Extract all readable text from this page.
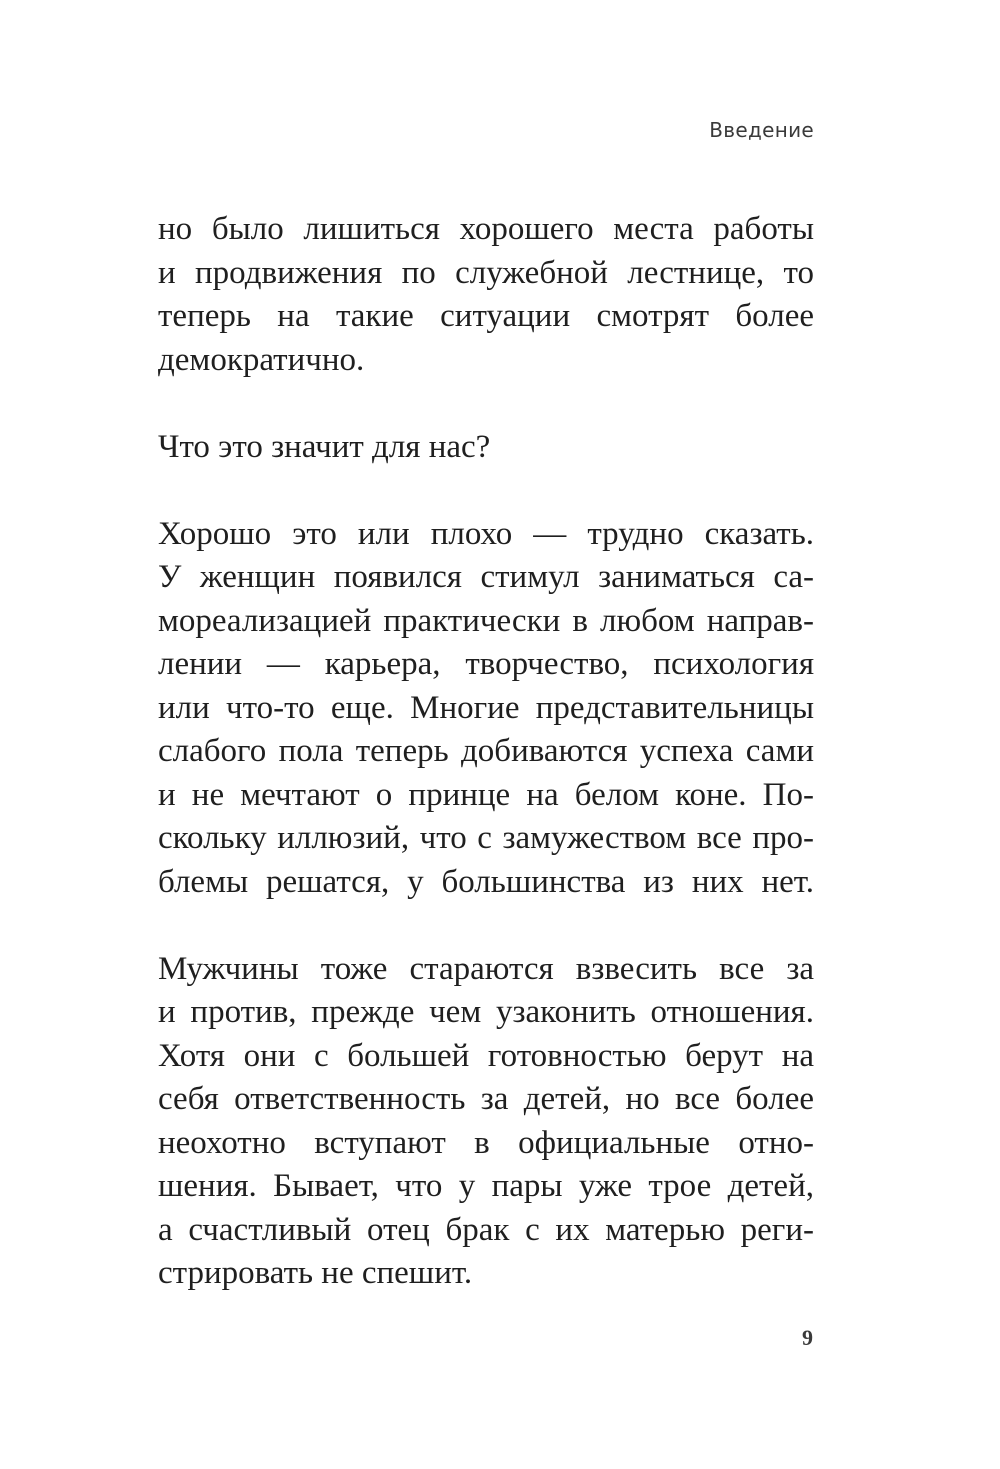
Введение
но было лишиться хорошего места работы
и продвижения по служебной лестнице, то
теперь на такие ситуации смотрят более
демократично.
Что это значит для нас?
Хорошо это или плохо — трудно сказать.
У женщин появился стимул заниматься са-
мореализацией практически в любом направ-
лении — карьера, творчество, психология
или что-то еще. Многие представительницы
слабого пола теперь добиваются успеха сами
и не мечтают о принце на белом коне. По-
скольку иллюзий, что с замужеством все про-
блемы решатся, у большинства из них нет.
Мужчины тоже стараются взвесить все за
и против, прежде чем узаконить отношения.
Хотя они с большей готовностью берут на
себя ответственность за детей, но все более
неохотно вступают в официальные отно-
шения. Бывает, что у пары уже трое детей,
а счастливый отец брак с их матерью реги-
стрировать не спешит.
9
